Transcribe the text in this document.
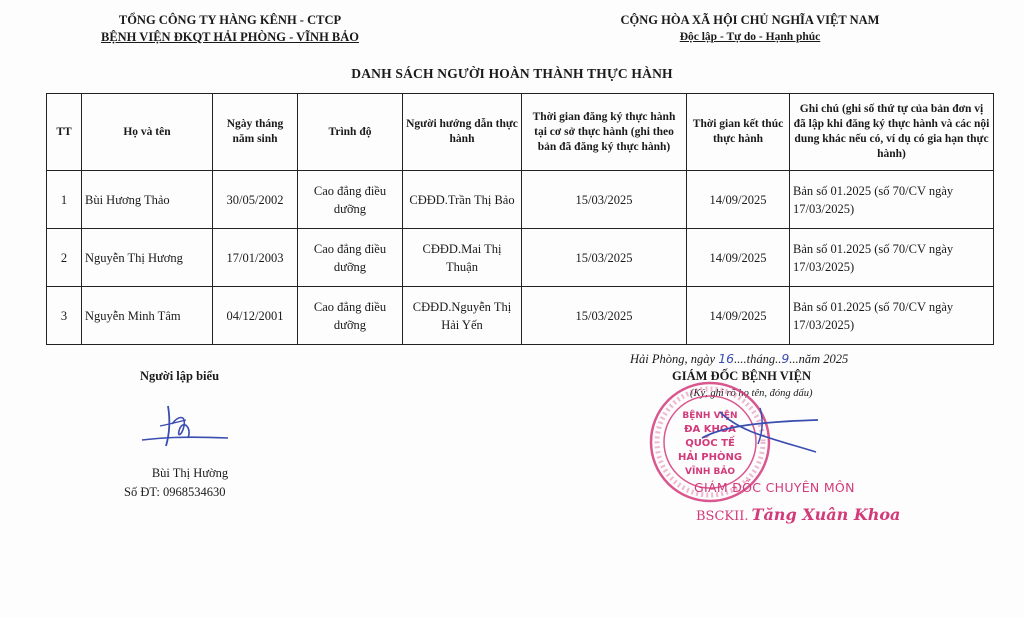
TỔNG CÔNG TY HÀNG KÊNH - CTCP
BỆNH VIỆN ĐKQT HẢI PHÒNG - VĨNH BẢO
CỘNG HÒA XÃ HỘI CHỦ NGHĨA VIỆT NAM
Độc lập - Tự do - Hạnh phúc
DANH SÁCH NGƯỜI HOÀN THÀNH THỰC HÀNH
TT	Họ và tên	Ngày tháng năm sinh	Trình độ	Người hướng dẫn thực hành	Thời gian đăng ký thực hành tại cơ sở thực hành (ghi theo bản đã đăng ký thực hành)	Thời gian kết thúc thực hành	Ghi chú (ghi số thứ tự của bản đơn vị đã lập khi đăng ký thực hành và các nội dung khác nếu có, ví dụ có gia hạn thực hành)
1	Bùi Hương Thảo	30/05/2002	Cao đẳng điều dưỡng	CĐĐD.Trần Thị Bảo	15/03/2025	14/09/2025	Bản số 01.2025 (số 70/CV ngày 17/03/2025)
2	Nguyễn Thị Hương	17/01/2003	Cao đẳng điều dưỡng	CĐĐD.Mai Thị Thuận	15/03/2025	14/09/2025	Bản số 01.2025 (số 70/CV ngày 17/03/2025)
3	Nguyễn Minh Tâm	04/12/2001	Cao đẳng điều dưỡng	CĐĐD.Nguyễn Thị Hải Yến	15/03/2025	14/09/2025	Bản số 01.2025 (số 70/CV ngày 17/03/2025)
Hải Phòng, ngày 16....tháng..9...năm 2025
Người lập biểu
Bùi Thị Hường
Số ĐT: 0968534630
GIÁM ĐỐC BỆNH VIỆN
(Ký, ghi rõ họ tên, đóng dấu)
BỆNH VIỆN
ĐA KHOA
QUỐC TẾ
HẢI PHÒNG
VĨNH BẢO
GIÁM ĐỐC CHUYÊN MÔN
BSCKII. Tăng Xuân Khoa
